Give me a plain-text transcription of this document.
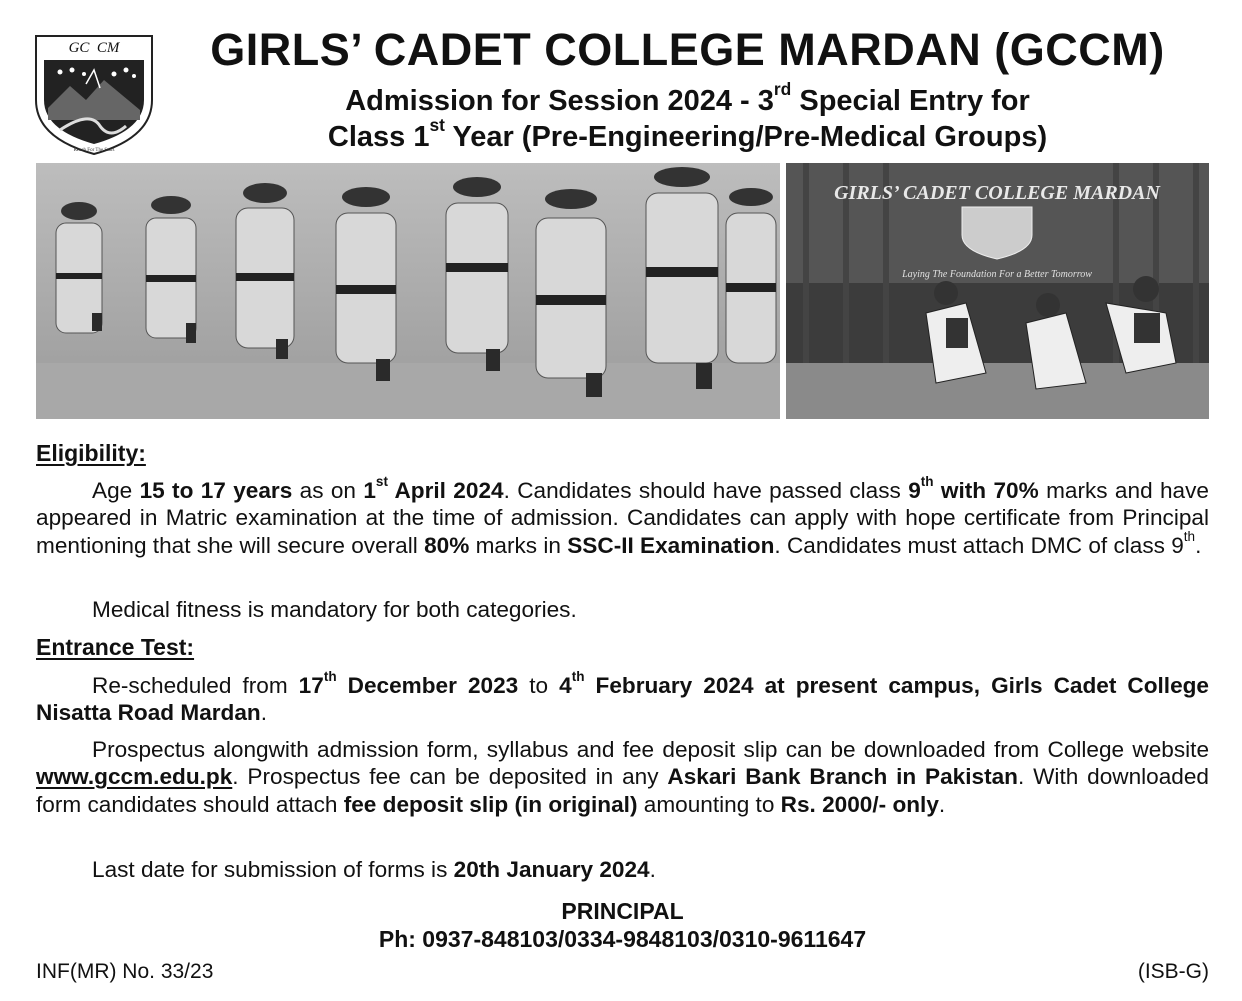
GC  CM
Reach For The Stars
GIRLS’ CADET COLLEGE MARDAN (GCCM)
Admission for Session 2024 - 3rd Special Entry for
Class 1st Year (Pre-Engineering/Pre-Medical Groups)
GIRLS’ CADET COLLEGE MARDAN
Laying The Foundation For a Better Tomorrow
Eligibility:
Age 15 to 17 years as on 1st April 2024. Candidates should have passed class 9th with 70% marks and have appeared in Matric examination at the time of admission. Candidates can apply with hope certificate from Principal mentioning that she will secure overall 80% marks in SSC-II Examination. Candidates must attach DMC of class 9th.
Medical fitness is mandatory for both categories.
Entrance Test:
Re-scheduled from 17th December 2023 to 4th February 2024 at present campus, Girls Cadet College Nisatta Road Mardan.
Prospectus alongwith admission form, syllabus and fee deposit slip can be downloaded from College website www.gccm.edu.pk. Prospectus fee can be deposited in any Askari Bank Branch in Pakistan. With downloaded form candidates should attach fee deposit slip (in original) amounting to Rs. 2000/- only.
Last date for submission of forms is 20th January 2024.
PRINCIPAL
Ph: 0937-848103/0334-9848103/0310-9611647
INF(MR) No. 33/23	(ISB-G)
